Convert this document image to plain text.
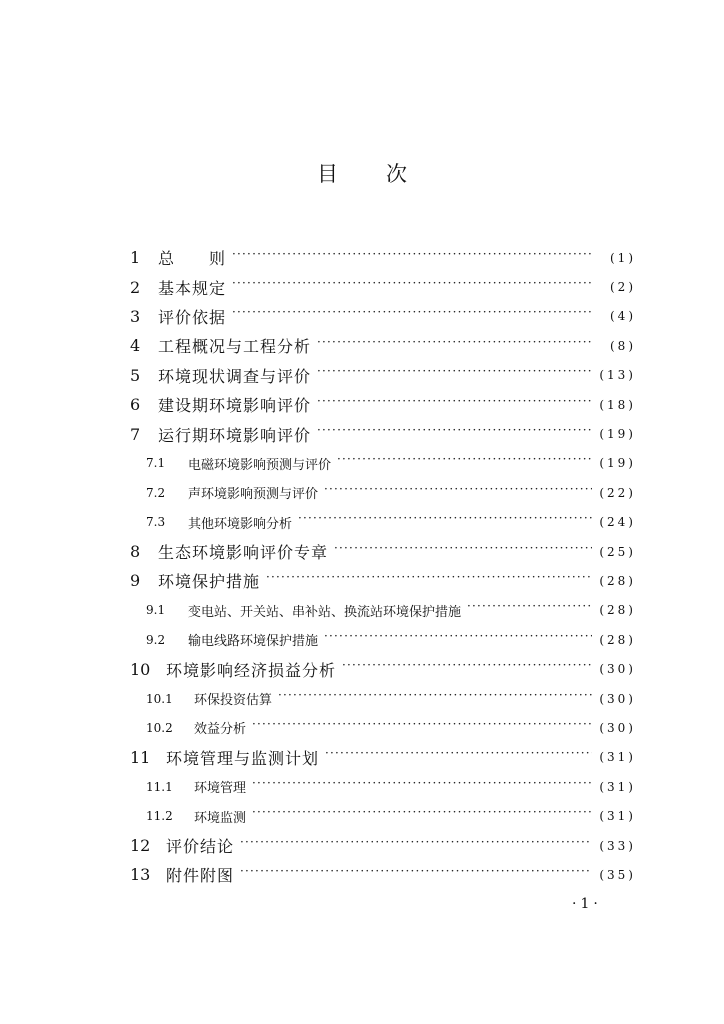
目次
1	总　　则 ·····	(1)
2	基本规定 ·····	(2)
3	评价依据 ·····	(4)
4	工程概况与工程分析 ·····	(8)
5	环境现状调查与评价 ·····	(13)
6	建设期环境影响评价 ·····	(18)
7	运行期环境影响评价 ·····	(19)
7.1	电磁环境影响预测与评价 ·····	(19)
7.2	声环境影响预测与评价 ·····	(22)
7.3	其他环境影响分析 ·····	(24)
8	生态环境影响评价专章 ·····	(25)
9	环境保护措施 ·····	(28)
9.1	变电站、开关站、串补站、换流站环境保护措施 ·····	(28)
9.2	输电线路环境保护措施 ·····	(28)
10 环境影响经济损益分析 ·····	(30)
10.1	环保投资估算 ·····	(30)
10.2	效益分析 ·····	(30)
11 环境管理与监测计划 ·····	(31)
11.1	环境管理 ·····	(31)
11.2	环境监测 ·····	(31)
12 评价结论 ·····	(33)
13 附件附图 ·····	(35)
·1·
